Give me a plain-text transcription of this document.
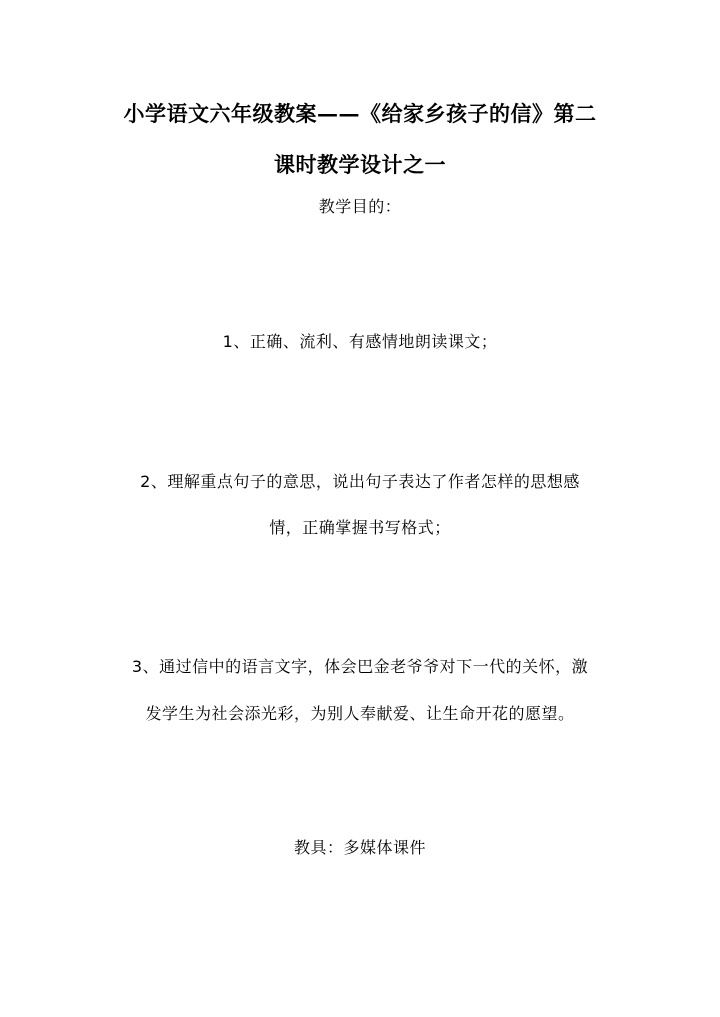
小学语文六年级教案——《给家乡孩子的信》第二
课时教学设计之一
教学目的：
1、正确、流利、有感情地朗读课文；
2、理解重点句子的意思，说出句子表达了作者怎样的思想感
情，正确掌握书写格式；
3、通过信中的语言文字，体会巴金老爷爷对下一代的关怀，激
发学生为社会添光彩，为别人奉献爱、让生命开花的愿望。
教具：多媒体课件
